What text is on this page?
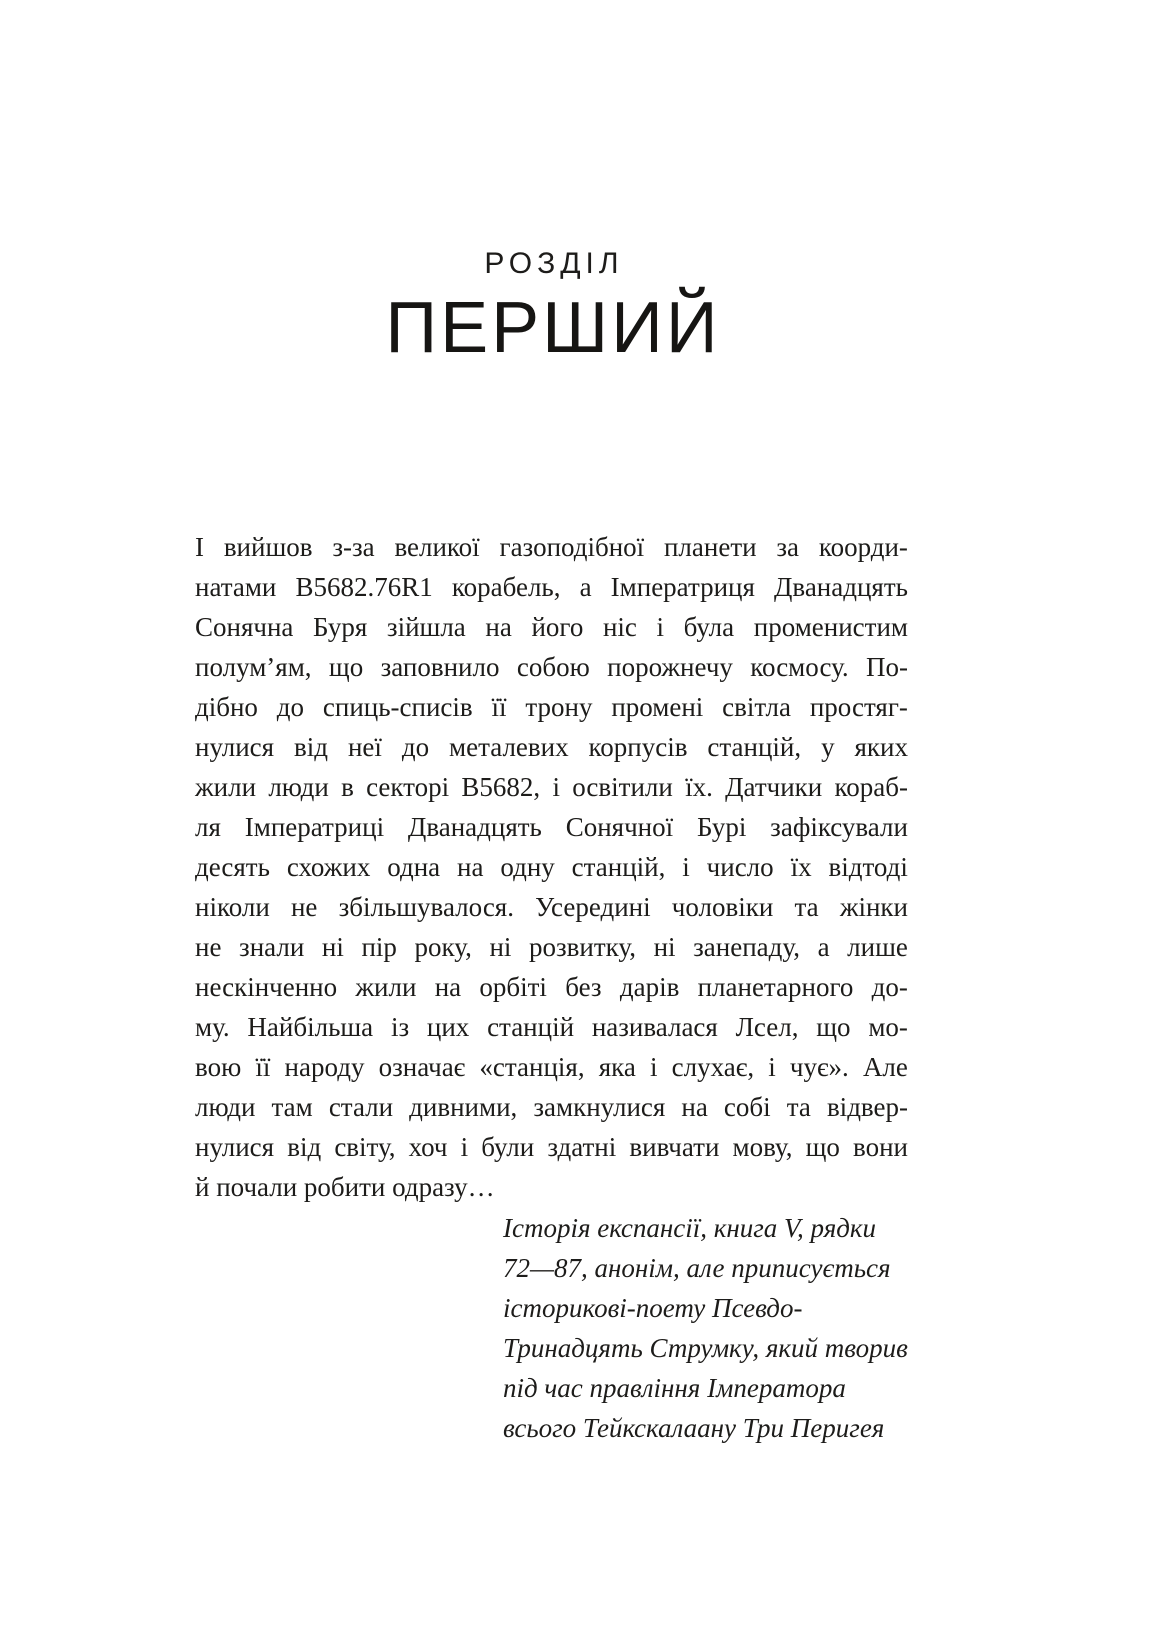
РОЗДІЛ
ПЕРШИЙ
І вийшов з-за великої газоподібної планети за коорди-
натами B5682.76R1 корабель, а Імператриця Дванадцять
Сонячна Буря зійшла на його ніс і була променистим
полум’ям, що заповнило собою порожнечу космосу. По-
дібно до спиць-списів її трону промені світла простяг-
нулися від неї до металевих корпусів станцій, у яких
жили люди в секторі B5682, і освітили їх. Датчики кораб-
ля Імператриці Дванадцять Сонячної Бурі зафіксували
десять схожих одна на одну станцій, і число їх відтоді
ніколи не збільшувалося. Усередині чоловіки та жінки
не знали ні пір року, ні розвитку, ні занепаду, а лише
нескінченно жили на орбіті без дарів планетарного до-
му. Найбільша із цих станцій називалася Лсел, що мо-
вою її народу означає «станція, яка і слухає, і чує». Але
люди там стали дивними, замкнулися на собі та відвер-
нулися від світу, хоч і були здатні вивчати мову, що вони
й почали робити одразу…
Історія експансії, книга V, рядки
72—87, анонім, але приписується
історикові-поету Псевдо-
Тринадцять Струмку, який творив
під час правління Імператора
всього Тейкскалаану Три Перигея
